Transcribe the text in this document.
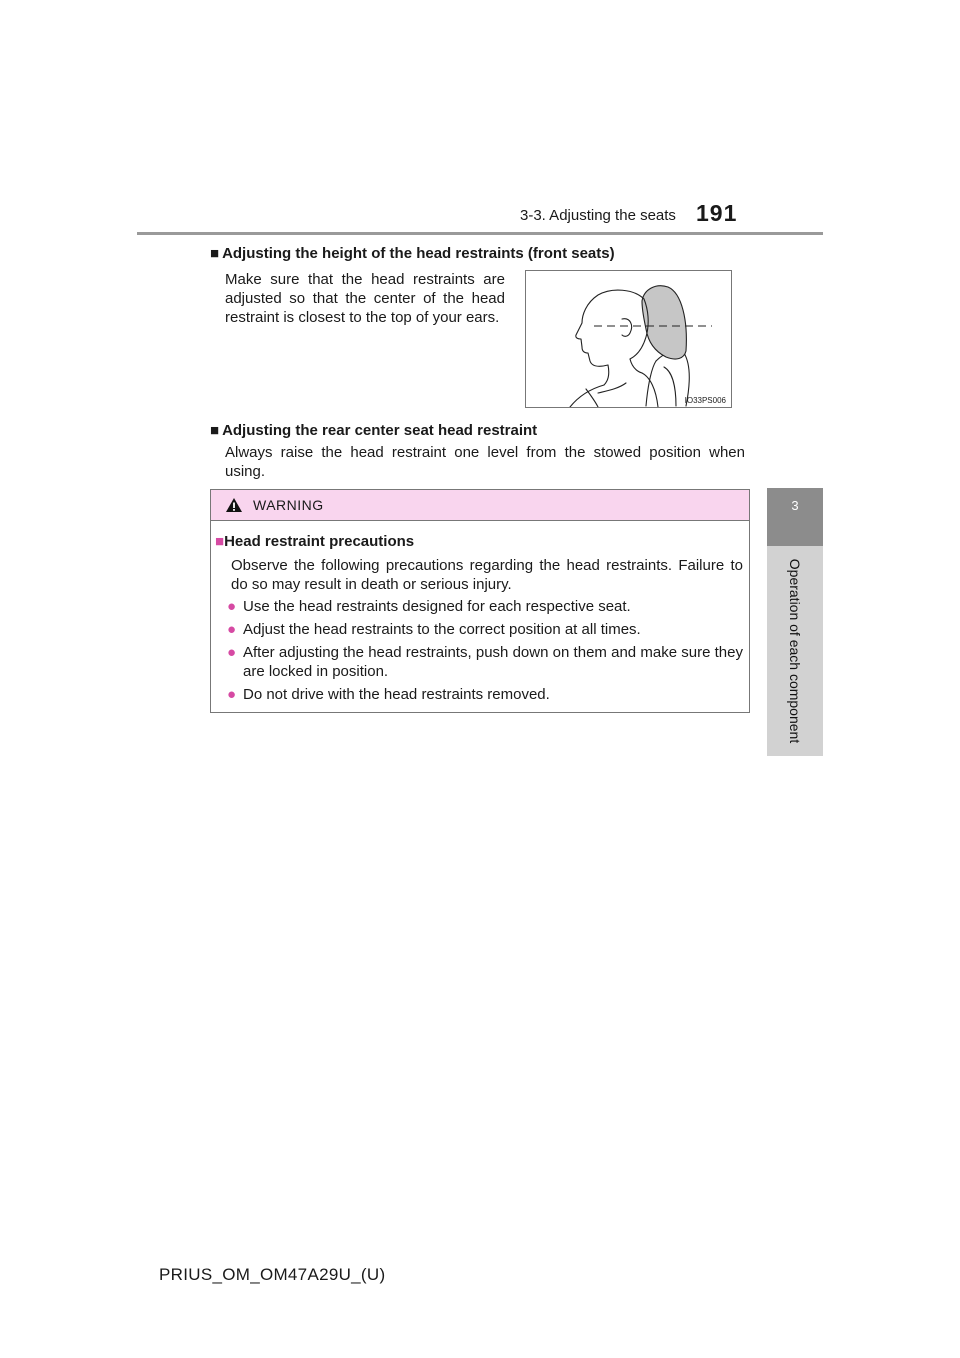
3-3. Adjusting the seats 191
3
Operation of each component
■ Adjusting the height of the head restraints (front seats)
Make sure that the head restraints are adjusted so that the center of the head restraint is closest to the top of your ears.
IO33PS006
■ Adjusting the rear center seat head restraint
Always raise the head restraint one level from the stowed position when using.
WARNING
■Head restraint precautions
Observe the following precautions regarding the head restraints. Failure to do so may result in death or serious injury.
● Use the head restraints designed for each respective seat.
● Adjust the head restraints to the correct position at all times.
● After adjusting the head restraints, push down on them and make sure they are locked in position.
● Do not drive with the head restraints removed.
PRIUS_OM_OM47A29U_(U)
